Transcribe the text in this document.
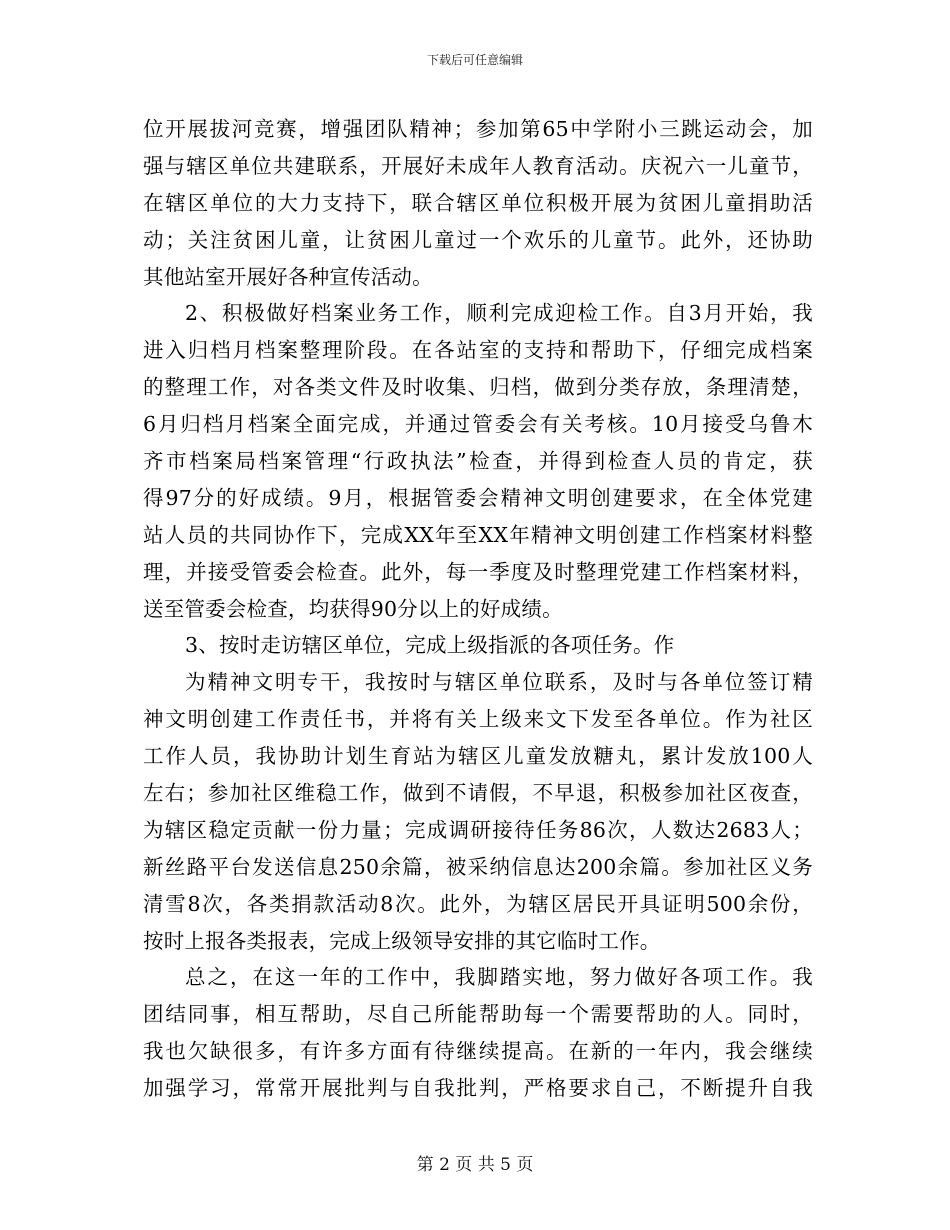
下载后可任意编辑
位开展拔河竞赛，增强团队精神；参加第65中学附小三跳运动会，加
强与辖区单位共建联系，开展好未成年人教育活动。庆祝六一儿童节，
在辖区单位的大力支持下，联合辖区单位积极开展为贫困儿童捐助活
动；关注贫困儿童，让贫困儿童过一个欢乐的儿童节。此外，还协助
其他站室开展好各种宣传活动。
2、积极做好档案业务工作，顺利完成迎检工作。自3月开始，我
进入归档月档案整理阶段。在各站室的支持和帮助下，仔细完成档案
的整理工作，对各类文件及时收集、归档，做到分类存放，条理清楚，
6月归档月档案全面完成，并通过管委会有关考核。10月接受乌鲁木
齐市档案局档案管理“行政执法”检查，并得到检查人员的肯定，获
得97分的好成绩。9月，根据管委会精神文明创建要求，在全体党建
站人员的共同协作下，完成XX年至XX年精神文明创建工作档案材料整
理，并接受管委会检查。此外，每一季度及时整理党建工作档案材料，
送至管委会检查，均获得90分以上的好成绩。
3、按时走访辖区单位，完成上级指派的各项任务。作
为精神文明专干，我按时与辖区单位联系，及时与各单位签订精
神文明创建工作责任书，并将有关上级来文下发至各单位。作为社区
工作人员，我协助计划生育站为辖区儿童发放糖丸，累计发放100人
左右；参加社区维稳工作，做到不请假，不早退，积极参加社区夜查，
为辖区稳定贡献一份力量；完成调研接待任务86次，人数达2683人；
新丝路平台发送信息250余篇，被采纳信息达200余篇。参加社区义务
清雪8次，各类捐款活动8次。此外，为辖区居民开具证明500余份，
按时上报各类报表，完成上级领导安排的其它临时工作。
总之，在这一年的工作中，我脚踏实地，努力做好各项工作。我
团结同事，相互帮助，尽自己所能帮助每一个需要帮助的人。同时，
我也欠缺很多，有许多方面有待继续提高。在新的一年内，我会继续
加强学习，常常开展批判与自我批判，严格要求自己，不断提升自我
第 2 页 共 5 页
